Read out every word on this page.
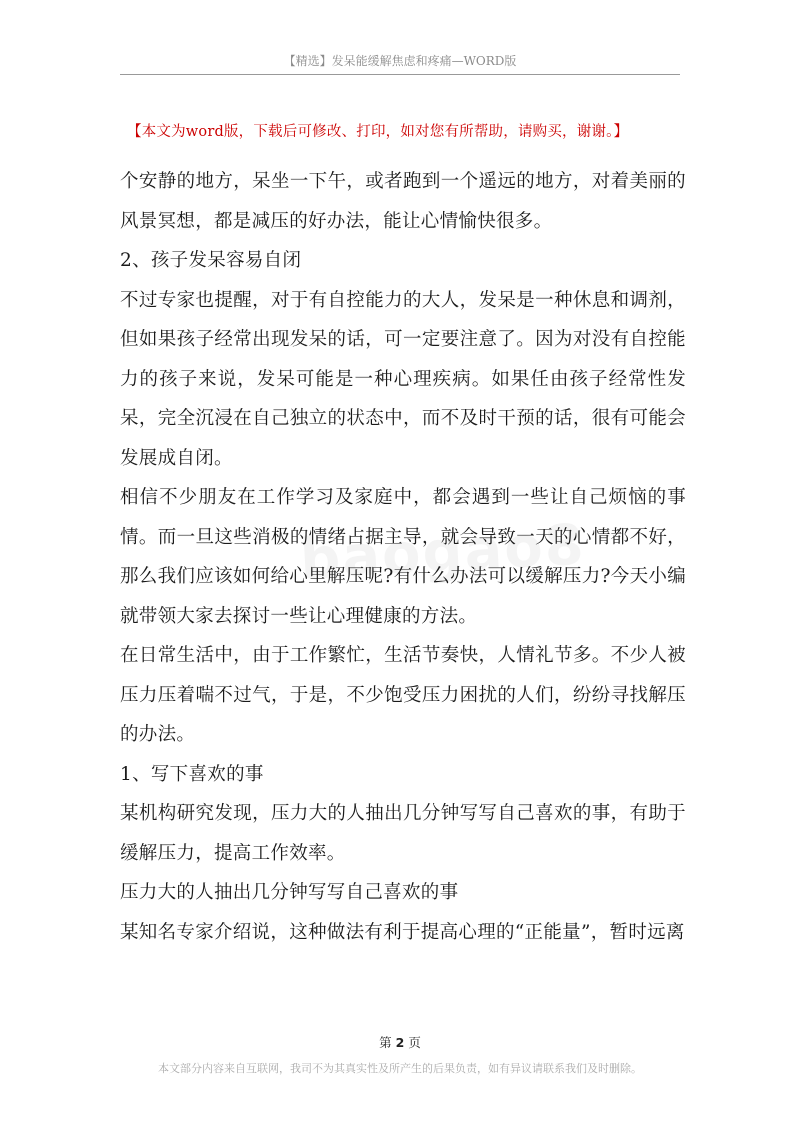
【精选】发呆能缓解焦虑和疼痛—WORD版
【本文为word版，下载后可修改、打印，如对您有所帮助，请购买，谢谢。】

个安静的地方，呆坐一下午，或者跑到一个遥远的地方，对着美丽的风景冥想，都是减压的好办法，能让心情愉快很多。

2、孩子发呆容易自闭

不过专家也提醒，对于有自控能力的大人，发呆是一种休息和调剂，但如果孩子经常出现发呆的话，可一定要注意了。因为对没有自控能力的孩子来说，发呆可能是一种心理疾病。如果任由孩子经常性发呆，完全沉浸在自己独立的状态中，而不及时干预的话，很有可能会发展成自闭。

相信不少朋友在工作学习及家庭中，都会遇到一些让自己烦恼的事情。而一旦这些消极的情绪占据主导，就会导致一天的心情都不好，那么我们应该如何给心里解压呢?有什么办法可以缓解压力?今天小编就带领大家去探讨一些让心理健康的方法。

在日常生活中，由于工作繁忙，生活节奏快，人情礼节多。不少人被压力压着喘不过气，于是，不少饱受压力困扰的人们，纷纷寻找解压的办法。

1、写下喜欢的事

某机构研究发现，压力大的人抽出几分钟写写自己喜欢的事，有助于缓解压力，提高工作效率。

压力大的人抽出几分钟写写自己喜欢的事

某知名专家介绍说，这种做法有利于提高心理的“正能量”，暂时远离

第 2 页
本文部分内容来自互联网，我司不为其真实性及所产生的后果负责，如有异议请联系我们及时删除。
